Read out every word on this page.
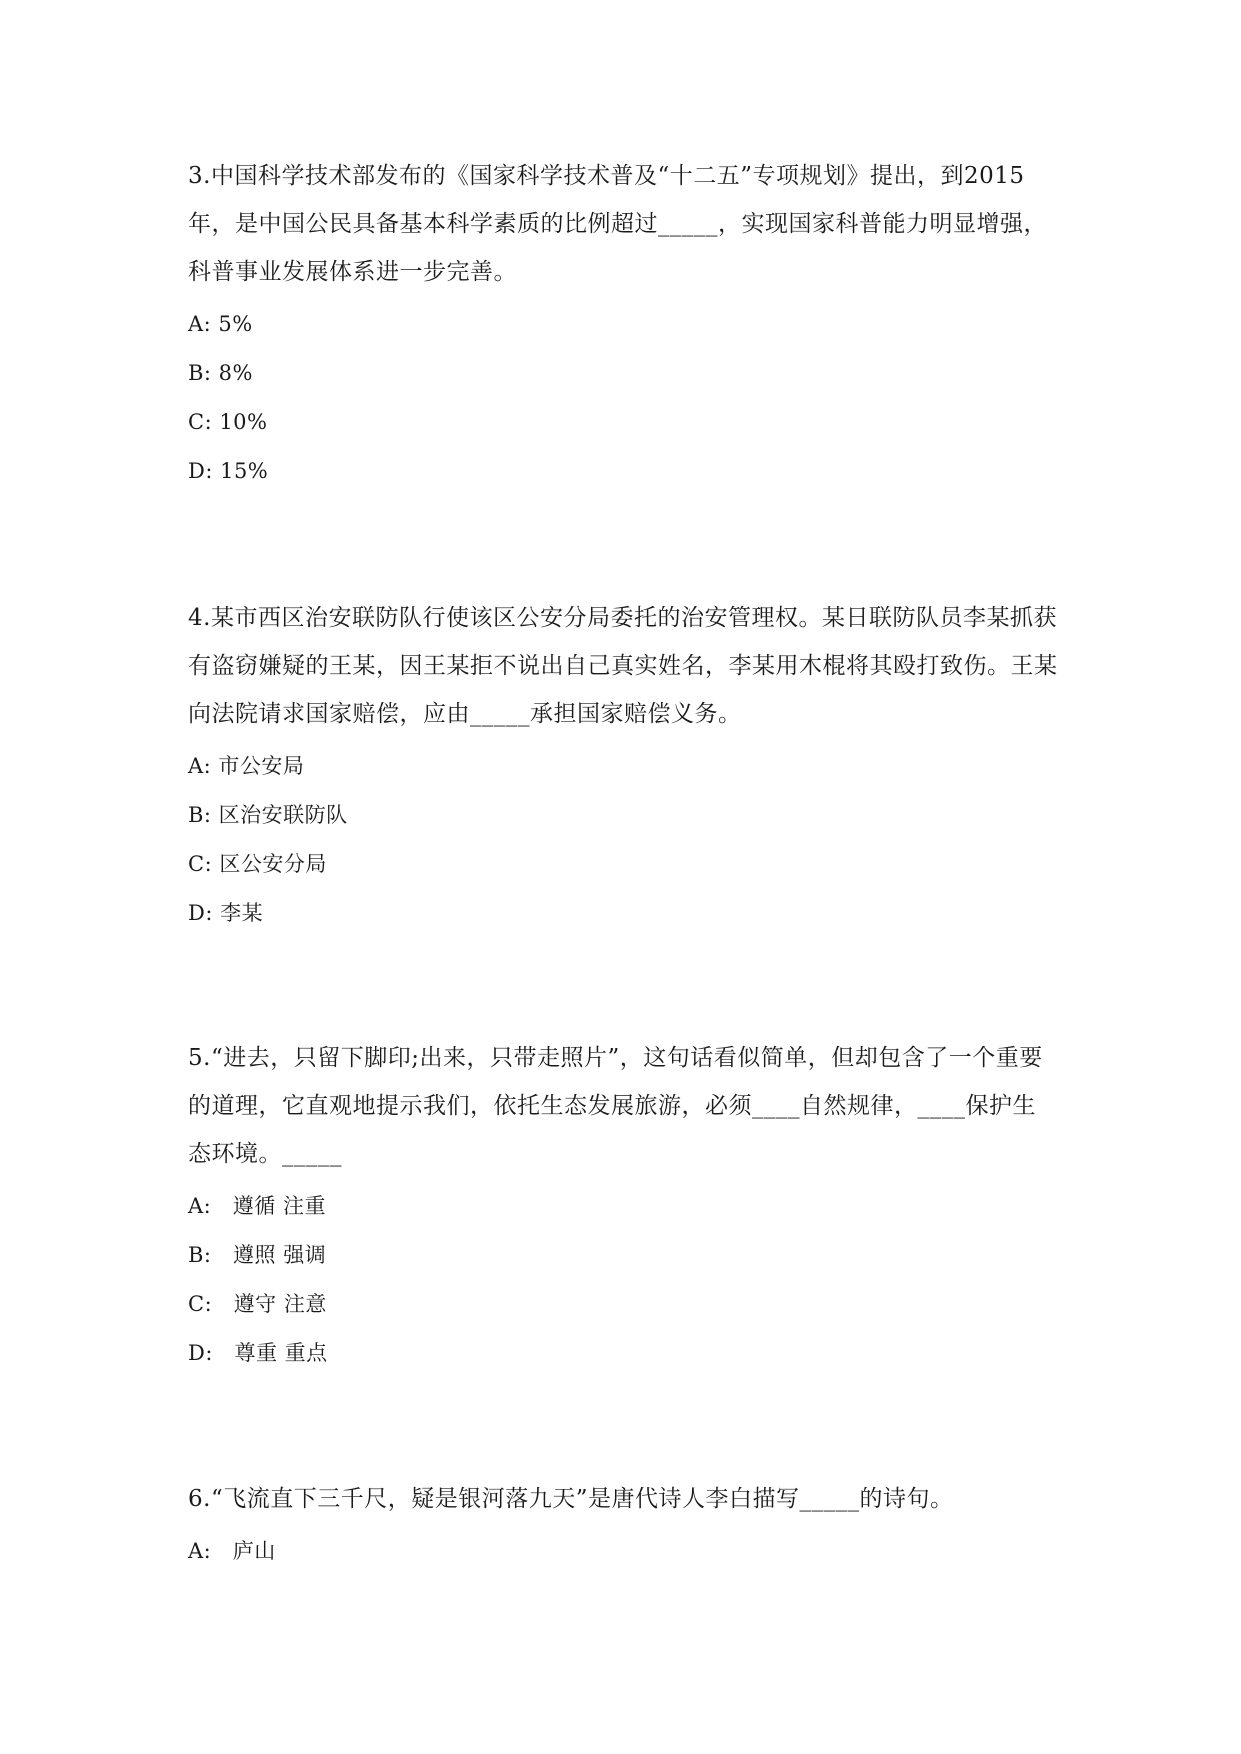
3.中国科学技术部发布的《国家科学技术普及“十二五”专项规划》提出，到2015年，是中国公民具备基本科学素质的比例超过_____，实现国家科普能力明显增强，科普事业发展体系进一步完善。

A: 5%
B: 8%
C: 10%
D: 15%

4.某市西区治安联防队行使该区公安分局委托的治安管理权。某日联防队员李某抓获有盗窃嫌疑的王某，因王某拒不说出自己真实姓名，李某用木棍将其殴打致伤。王某向法院请求国家赔偿，应由_____承担国家赔偿义务。

A: 市公安局
B: 区治安联防队
C: 区公安分局
D: 李某

5.“进去，只留下脚印;出来，只带走照片”，这句话看似简单，但却包含了一个重要的道理，它直观地提示我们，依托生态发展旅游，必须____自然规律，____保护生态环境。_____

A:   遵循 注重
B:   遵照 强调
C:   遵守 注意
D:   尊重 重点

6.“飞流直下三千尺，疑是银河落九天”是唐代诗人李白描写_____的诗句。

A:   庐山
